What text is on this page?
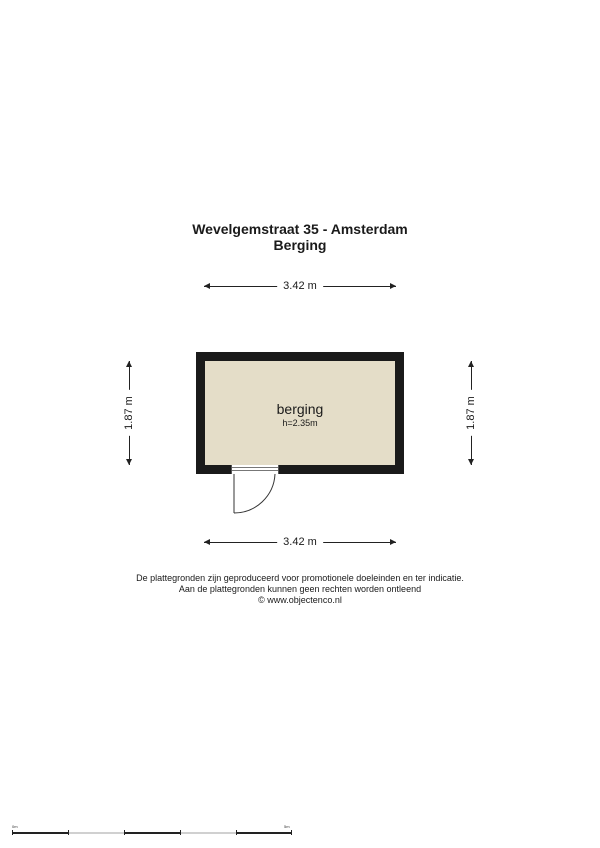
Wevelgemstraat 35 - Amsterdam
Berging
3.42 m
1.87 m	1.87 m
berging
h=2.35m
3.42 m
De plattegronden zijn geproduceerd voor promotionele doeleinden en ter indicatie.
Aan de plattegronden kunnen geen rechten worden ontleend
© www.objectenco.nl
0m	5m
